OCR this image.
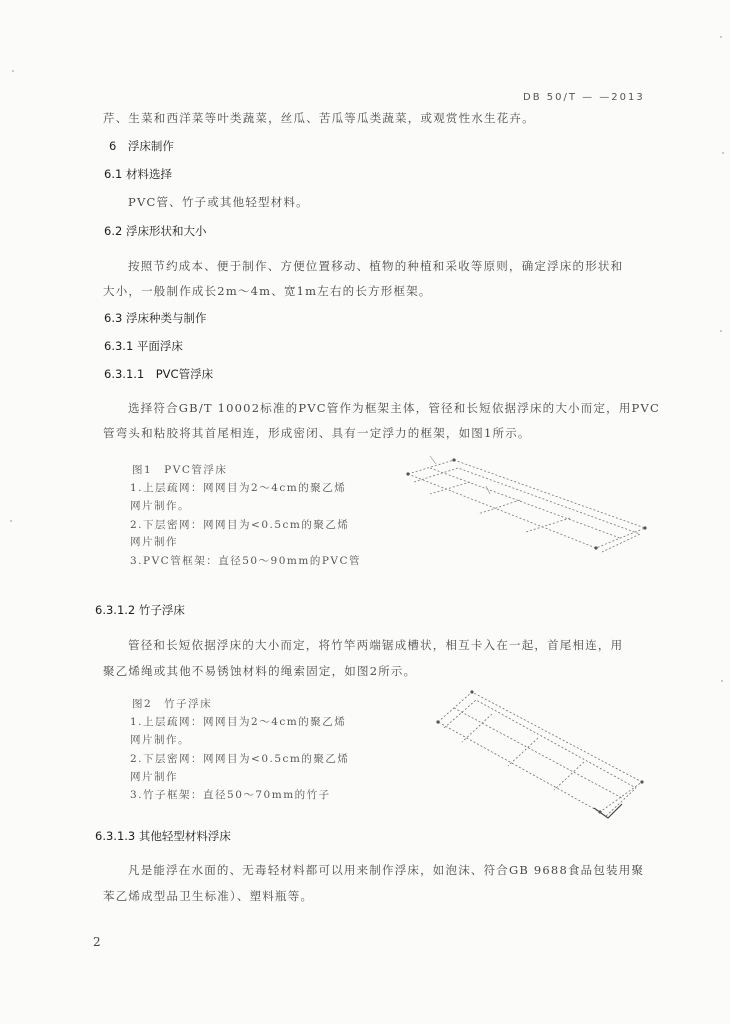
DB 50/T — —2013
芹、生菜和西洋菜等叶类蔬菜，丝瓜、苦瓜等瓜类蔬菜，或观赏性水生花卉。
6　浮床制作
6.1 材料选择
PVC管、竹子或其他轻型材料。
6.2 浮床形状和大小
按照节约成本、便于制作、方便位置移动、植物的种植和采收等原则，确定浮床的形状和
大小，一般制作成长2m～4m、宽1m左右的长方形框架。
6.3 浮床种类与制作
6.3.1 平面浮床
6.3.1.1　PVC管浮床
选择符合GB/T 10002标准的PVC管作为框架主体，管径和长短依据浮床的大小而定，用PVC
管弯头和粘胶将其首尾相连，形成密闭、具有一定浮力的框架，如图1所示。
图1　PVC管浮床
1.上层疏网：网网目为2～4cm的聚乙烯
网片制作。
2.下层密网：网网目为<0.5cm的聚乙烯
网片制作
3.PVC管框架：直径50～90mm的PVC管
6.3.1.2 竹子浮床
管径和长短依据浮床的大小而定，将竹竿两端锯成槽状，相互卡入在一起，首尾相连，用
聚乙烯绳或其他不易锈蚀材料的绳索固定，如图2所示。
图2　竹子浮床
1.上层疏网：网网目为2～4cm的聚乙烯
网片制作。
2.下层密网：网网目为<0.5cm的聚乙烯
网片制作
3.竹子框架：直径50～70mm的竹子
6.3.1.3 其他轻型材料浮床
凡是能浮在水面的、无毒轻材料都可以用来制作浮床，如泡沫、符合GB 9688食品包装用聚
苯乙烯成型品卫生标准）、塑料瓶等。
2
